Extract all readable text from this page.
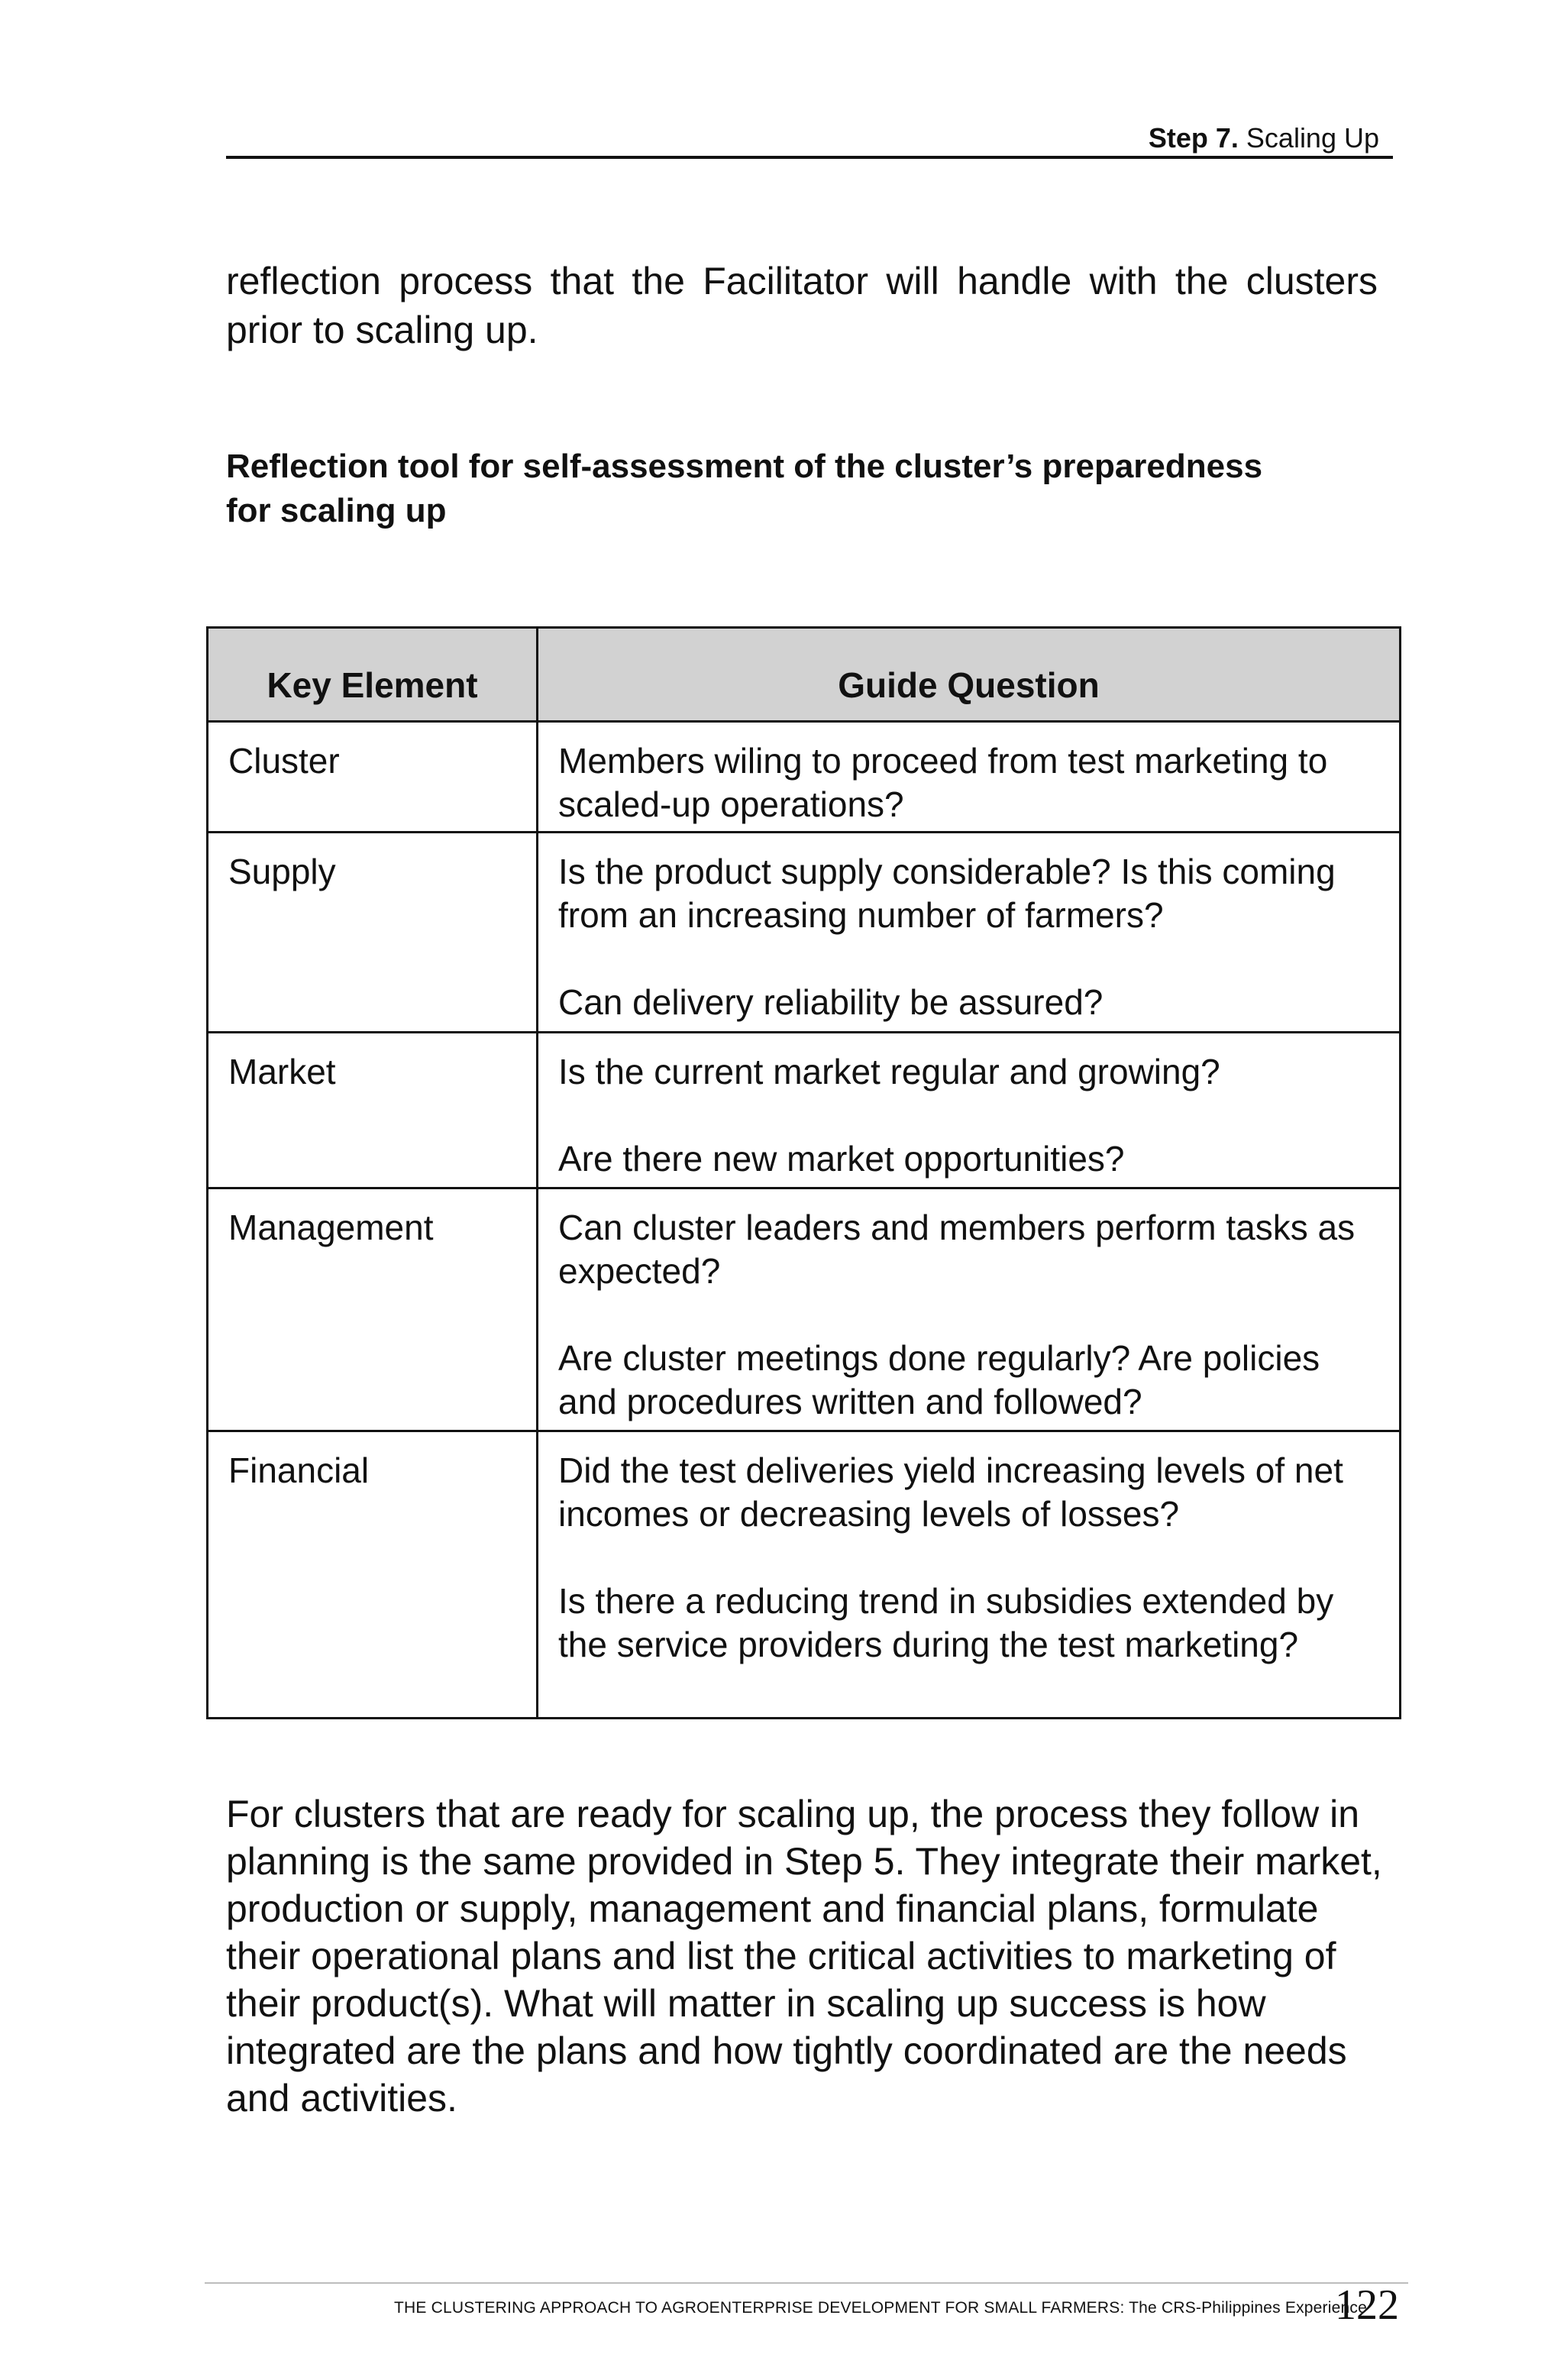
Step 7. Scaling Up

reflection process that the Facilitator will handle with the clusters prior to scaling up.

Reflection tool for self-assessment of the cluster’s preparedness for scaling up

Key Element	Guide Question
Cluster	Members wiling to proceed from test marketing to scaled-up operations?

Supply	Is the product supply considerable? Is this coming from an increasing number of farmers?

Can delivery reliability be assured?

Market	Is the current market regular and growing?

Are there new market opportunities?

Management	Can cluster leaders and members perform tasks as expected?

Are cluster meetings done regularly? Are policies and procedures written and followed?

Financial	Did the test deliveries yield increasing levels of net incomes or decreasing levels of losses?

Is there a reducing trend in subsidies extended by the service providers during the test marketing?

For clusters that are ready for scaling up, the process they follow in planning is the same provided in Step 5. They integrate their market, production or supply, management and financial plans, formulate their operational plans and list the critical activities to marketing of their product(s). What will matter in scaling up success is how integrated are the plans and how tightly coordinated are the needs and activities.

THE CLUSTERING APPROACH TO AGROENTERPRISE DEVELOPMENT FOR SMALL FARMERS: The CRS-Philippines Experience
122
